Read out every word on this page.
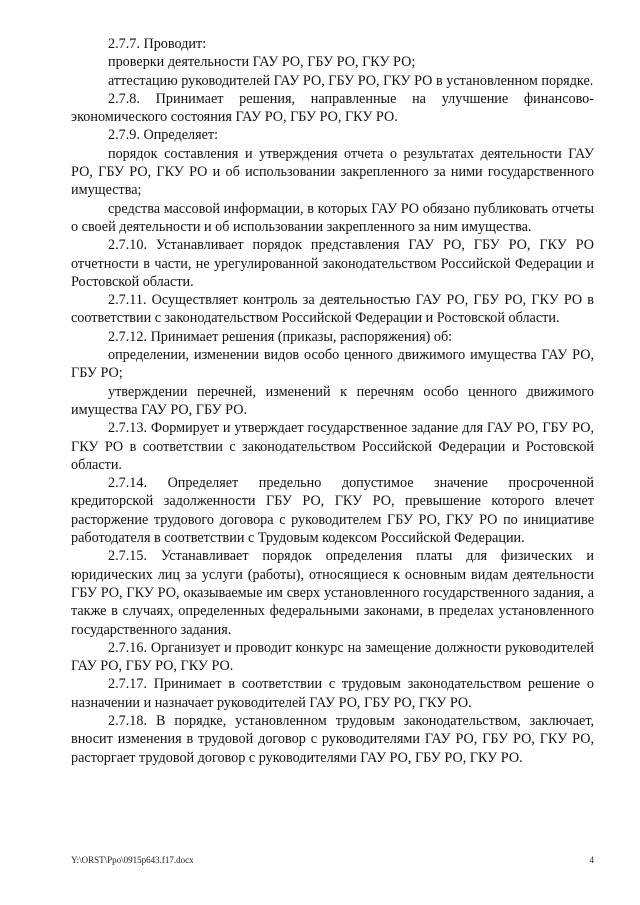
2.7.7. Проводит:

проверки деятельности ГАУ РО, ГБУ РО, ГКУ РО;

аттестацию руководителей ГАУ РО, ГБУ РО, ГКУ РО в установленном порядке.

2.7.8. Принимает решения, направленные на улучшение финансово-экономического состояния ГАУ РО, ГБУ РО, ГКУ РО.

2.7.9. Определяет:

порядок составления и утверждения отчета о результатах деятельности ГАУ РО, ГБУ РО, ГКУ РО и об использовании закрепленного за ними государственного имущества;

средства массовой информации, в которых ГАУ РО обязано публиковать отчеты о своей деятельности и об использовании закрепленного за ним имущества.

2.7.10. Устанавливает порядок представления ГАУ РО, ГБУ РО, ГКУ РО отчетности в части, не урегулированной законодательством Российской Федерации и Ростовской области.

2.7.11. Осуществляет контроль за деятельностью ГАУ РО, ГБУ РО, ГКУ РО в соответствии с законодательством Российской Федерации и Ростовской области.

2.7.12. Принимает решения (приказы, распоряжения) об:

определении, изменении видов особо ценного движимого имущества ГАУ РО, ГБУ РО;

утверждении перечней, изменений к перечням особо ценного движимого имущества ГАУ РО, ГБУ РО.

2.7.13. Формирует и утверждает государственное задание для ГАУ РО, ГБУ РО, ГКУ РО в соответствии с законодательством Российской Федерации и Ростовской области.

2.7.14. Определяет предельно допустимое значение просроченной кредиторской задолженности ГБУ РО, ГКУ РО, превышение которого влечет расторжение трудового договора с руководителем ГБУ РО, ГКУ РО по инициативе работодателя в соответствии с Трудовым кодексом Российской Федерации.

2.7.15. Устанавливает порядок определения платы для физических и юридических лиц за услуги (работы), относящиеся к основным видам деятельности ГБУ РО, ГКУ РО, оказываемые им сверх установленного государственного задания, а также в случаях, определенных федеральными законами, в пределах установленного государственного задания.

2.7.16. Организует и проводит конкурс на замещение должности руководителей ГАУ РО, ГБУ РО, ГКУ РО.

2.7.17. Принимает в соответствии с трудовым законодательством решение о назначении и назначает руководителей ГАУ РО, ГБУ РО, ГКУ РО.

2.7.18. В порядке, установленном трудовым законодательством, заключает, вносит изменения в трудовой договор с руководителями ГАУ РО, ГБУ РО, ГКУ РО, расторгает трудовой договор с руководителями ГАУ РО, ГБУ РО, ГКУ РО.

Y:\ORST\Ppo\0915p643.f17.docx	4
